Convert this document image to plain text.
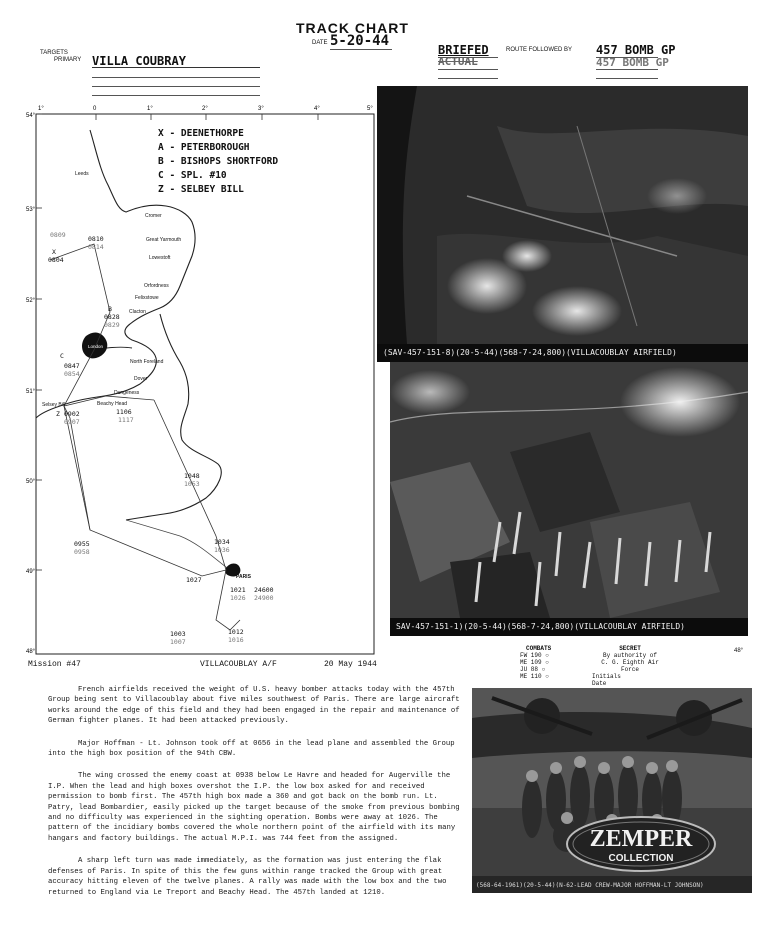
TRACK CHART
DATE 5-20-44
TARGETS
PRIMARY VILLA COUBRAY
BRIEFED
ACTUAL
ROUTE FOLLOWED BY 457 BOMB GP
457 BOMB GP
54°
53°
52°
51°
50°
49°
48°
1°	0	1°	2°	3°	4°	5°
Leeds
Cromer
Great Yarmouth
Lowestoft
Orfordness
Felixstowe
Clacton
London
North Foreland
Dover
Dungeness
Beachy Head
Selsey Bill
PARIS
X - DEENETHORPE
A - PETERBOROUGH
B - BISHOPS SHORTFORD
C - SPL. #10
Z - SELBEY BILL
X
0804
0809	0810
0814
B
0828
0829
C
0847
0854
Z 0902
0907
1106
1117
1048
1053
0955
0958
1034
1036
1027
1021 24600
1026 24900
1003
1007
1012
1016
(SAV-457-151-8)(20-5-44)(568-7-24,800)(VILLACOUBLAY AIRFIELD)
SAV-457-151-1)(20-5-44)(568-7-24,800)(VILLACOUBLAY AIRFIELD)
Mission #47	VILLACOUBLAY A/F	20 May 1944
COMBATS
FW 190 ○
ME 109 ○
JU 88 ○
ME 110 ○
SECRET
By authority of
C. G. Eighth Air Force
Initials
Date
48°

French airfields received the weight of U.S. heavy bomber attacks today with the 457th Group being sent to Villacoublay about five miles southwest of Paris. There are large aircraft works around the edge of this field and they had been engaged in the repair and maintenance of German fighter planes. It had been attacked previously.

Major Hoffman - Lt. Johnson took off at 0656 in the lead plane and assembled the Group into the high box position of the 94th CBW.

The wing crossed the enemy coast at 0938 below Le Havre and headed for Augerville the I.P. When the lead and high boxes overshot the I.P. the low box asked for and received permission to bomb first. The 457th high box made a 360 and got back on the bomb run. Lt. Patry, lead Bombardier, easily picked up the target because of the smoke from previous bombing and no difficulty was experienced in the sighting operation. Bombs were away at 1026. The pattern of the incidiary bombs covered the whole northern point of the airfield with its many hangars and factory buildings. The actual M.P.I. was 744 feet from the assigned.

A sharp left turn was made immediately, as the formation was just entering the flak defenses of Paris. In spite of this the few guns within range tracked the Group with great accuracy hitting eleven of the twelve planes. A rally was made with the low box and the two returned to England via Le Treport and Beachy Head. The 457th landed at 1210.

(568-64-1961)(20-5-44)(N-62-LEAD CREW-MAJOR HOFFMAN-LT JOHNSON)
ZEMPER
COLLECTION
